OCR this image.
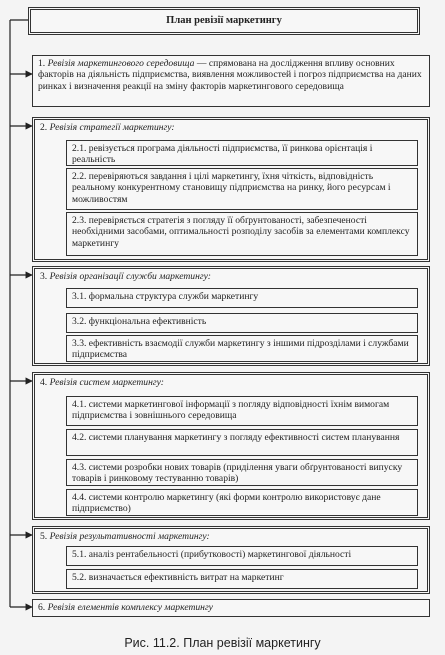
План ревізії маркетингу
1. Ревізія маркетингового середовища — спрямована на дослідження впливу основних факторів на діяльність підприємства, виявлення можливостей і погроз підприємства на даних ринках і визначення реакції на зміну факторів маркетингового середовища
2. Ревізія стратегії маркетингу:
2.1. ревізується програма діяльності підприємства, її ринкова орієнтація і реальність
2.2. перевіряються завдання і цілі маркетингу, їхня чіткість, відповідність реальному конкурентному становищу підприємства на ринку, його ресурсам і можливостям
2.3. перевіряється стратегія з погляду її обґрунтованості, забезпеченості необхідними засобами, оптимальності розподілу засобів за елементами комплексу маркетингу
3. Ревізія організації служби маркетингу:
3.1. формальна структура служби маркетингу
3.2. функціональна ефективність
3.3. ефективність взаємодії служби маркетингу з іншими підрозділами і службами підприємства
4. Ревізія систем маркетингу:
4.1. системи маркетингової інформації з погляду відповідності їхнім вимогам підприємства і зовнішнього середовища
4.2. системи планування маркетингу з погляду ефективності систем планування
4.3. системи розробки нових товарів (приділення уваги обґрунтованості випуску товарів і ринковому тестуванню товарів)
4.4. системи контролю маркетингу (які форми контролю використовує дане підприємство)
5. Ревізія результативності маркетингу:
5.1. аналіз рентабельності (прибутковості) маркетингової діяльності
5.2. визначається ефективність витрат на маркетинг
6. Ревізія елементів комплексу маркетингу
Рис. 11.2. План ревізії маркетингу
